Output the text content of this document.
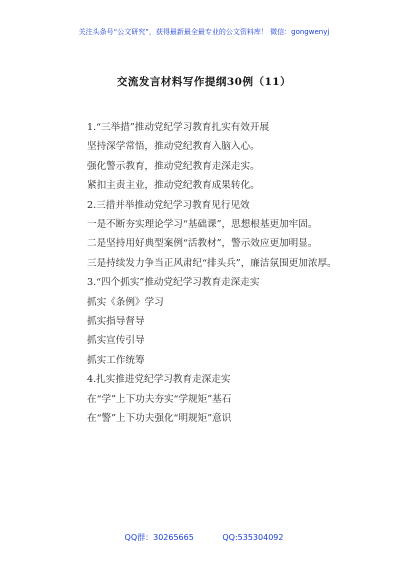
关注头条号“公文研究”，获得最新最全最专业的公文资料库！ 微信：gongwenyj
交流发言材料写作提纲30例（11）

1.“三举措”推动党纪学习教育扎实有效开展

坚持深学常悟，推动党纪教育入脑入心。

强化警示教育，推动党纪教育走深走实。

紧扣主责主业，推动党纪教育成果转化。

2.三措并举推动党纪学习教育见行见效

一是不断夯实理论学习“基础课”，思想根基更加牢固。

二是坚持用好典型案例“活教材”，警示效应更加明显。

三是持续发力争当正风肃纪“排头兵”，廉洁氛围更加浓厚。

3.“四个抓实”推动党纪学习教育走深走实

抓实《条例》学习

抓实指导督导

抓实宣传引导

抓实工作统筹

4.扎实推进党纪学习教育走深走实

在“学”上下功夫夯实“学规矩”基石

在“警”上下功夫强化“明规矩”意识

QQ群：30265665	QQ:535304092
